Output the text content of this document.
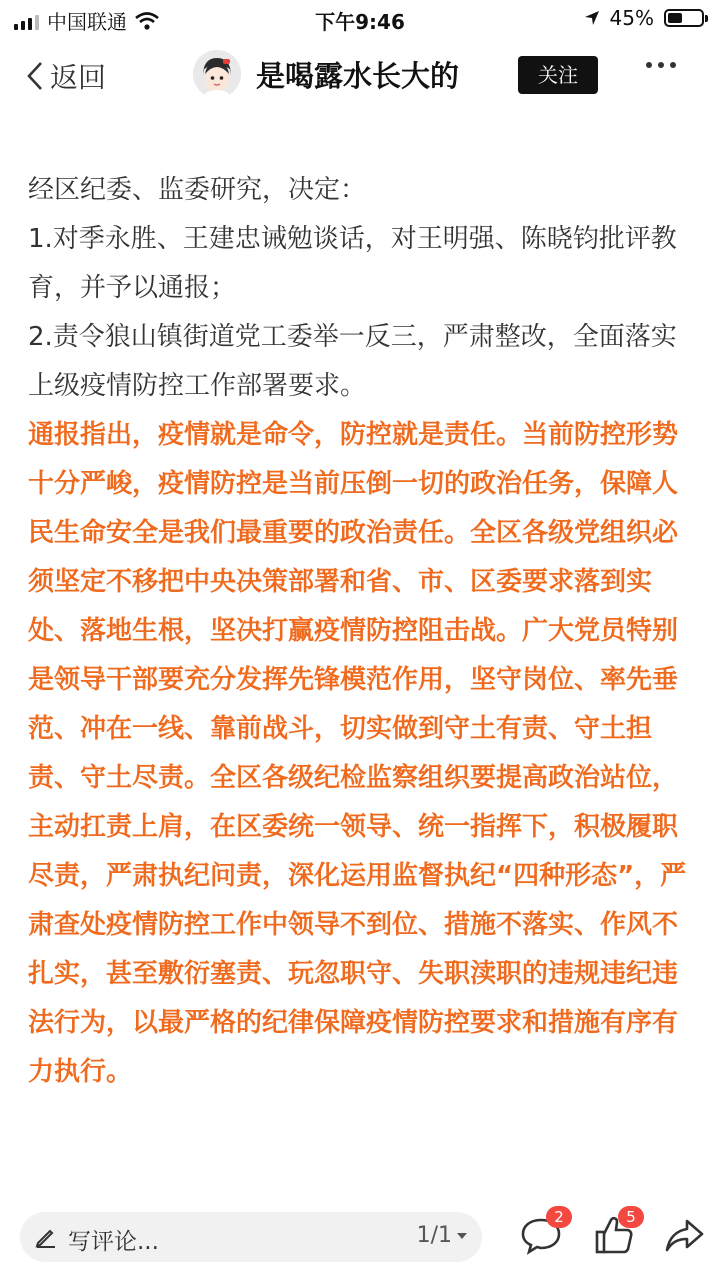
中国联通	下午9:46	45%
返回	是喝露水长大的	关注

经区纪委、监委研究，决定：

1.对季永胜、王建忠诫勉谈话，对王明强、陈晓钧批评教育，并予以通报；

2.责令狼山镇街道党工委举一反三，严肃整改，全面落实上级疫情防控工作部署要求。

通报指出，疫情就是命令，防控就是责任。当前防控形势十分严峻，疫情防控是当前压倒一切的政治任务，保障人民生命安全是我们最重要的政治责任。全区各级党组织必须坚定不移把中央决策部署和省、市、区委要求落到实处、落地生根，坚决打赢疫情防控阻击战。广大党员特别是领导干部要充分发挥先锋模范作用，坚守岗位、率先垂范、冲在一线、靠前战斗，切实做到守土有责、守土担责、守土尽责。全区各级纪检监察组织要提高政治站位，主动扛责上肩，在区委统一领导、统一指挥下，积极履职尽责，严肃执纪问责，深化运用监督执纪“四种形态”，严肃查处疫情防控工作中领导不到位、措施不落实、作风不扎实，甚至敷衍塞责、玩忽职守、失职渎职的违规违纪违法行为，以最严格的纪律保障疫情防控要求和措施有序有力执行。

写评论...	1/1
2	5
